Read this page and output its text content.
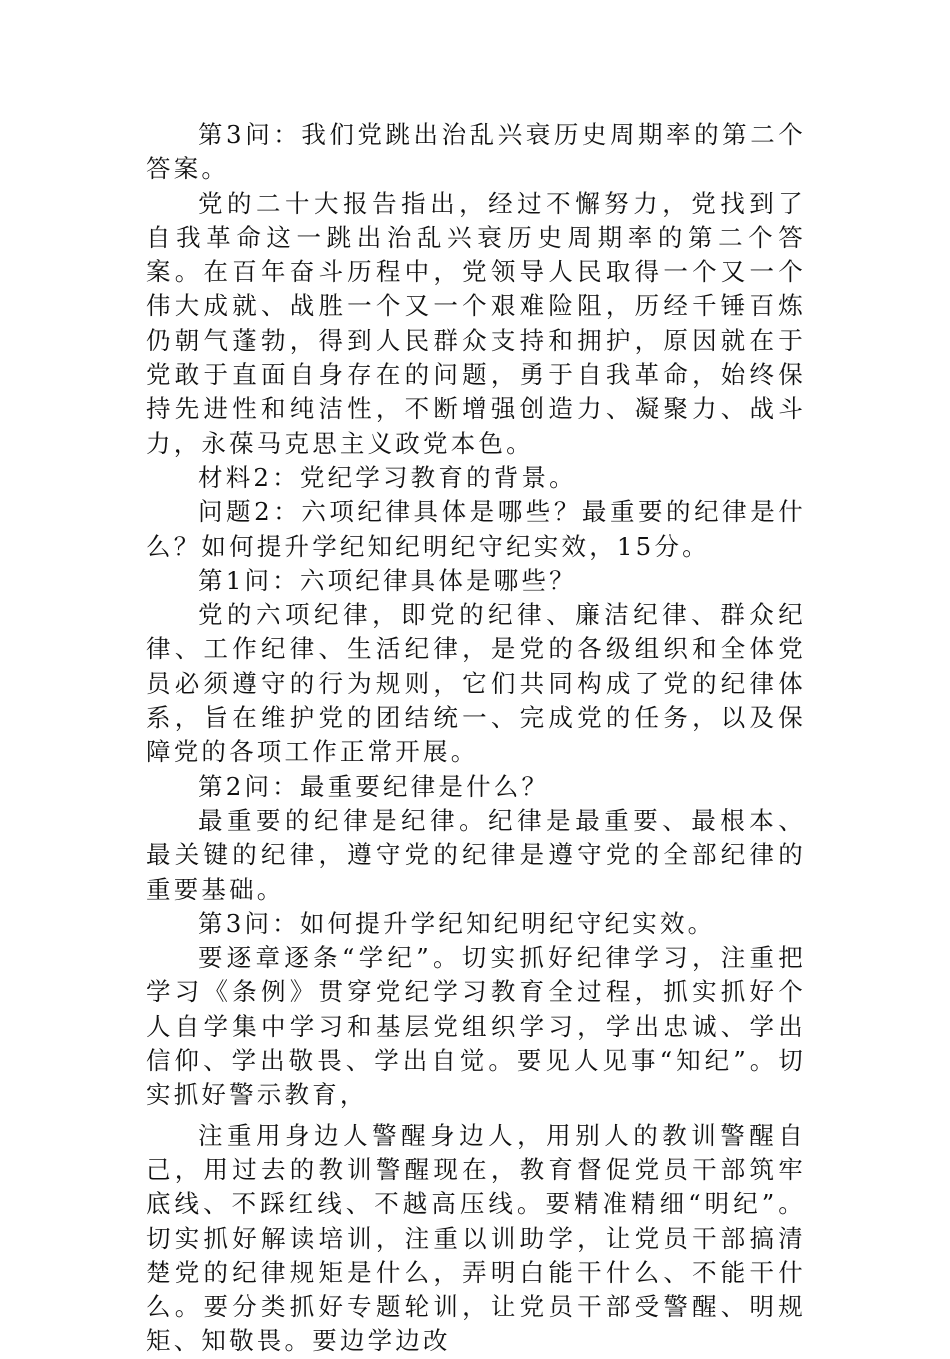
第3问：我们党跳出治乱兴衰历史周期率的第二个答案。

党的二十大报告指出，经过不懈努力，党找到了自我革命这一跳出治乱兴衰历史周期率的第二个答案。在百年奋斗历程中，党领导人民取得一个又一个伟大成就、战胜一个又一个艰难险阻，历经千锤百炼仍朝气蓬勃，得到人民群众支持和拥护，原因就在于党敢于直面自身存在的问题，勇于自我革命，始终保持先进性和纯洁性，不断增强创造力、凝聚力、战斗力，永葆马克思主义政党本色。

材料2：党纪学习教育的背景。

问题2：六项纪律具体是哪些？最重要的纪律是什么？如何提升学纪知纪明纪守纪实效，15分。

第1问：六项纪律具体是哪些？

党的六项纪律，即党的纪律、廉洁纪律、群众纪律、工作纪律、生活纪律，是党的各级组织和全体党员必须遵守的行为规则，它们共同构成了党的纪律体系，旨在维护党的团结统一、完成党的任务，以及保障党的各项工作正常开展。

第2问：最重要纪律是什么？

最重要的纪律是纪律。纪律是最重要、最根本、最关键的纪律，遵守党的纪律是遵守党的全部纪律的重要基础。

第3问：如何提升学纪知纪明纪守纪实效。

要逐章逐条“学纪”。切实抓好纪律学习，注重把学习《条例》贯穿党纪学习教育全过程，抓实抓好个人自学集中学习和基层党组织学习，学出忠诚、学出信仰、学出敬畏、学出自觉。要见人见事“知纪”。切实抓好警示教育，

注重用身边人警醒身边人，用别人的教训警醒自己，用过去的教训警醒现在，教育督促党员干部筑牢底线、不踩红线、不越高压线。要精准精细“明纪”。切实抓好解读培训，注重以训助学，让党员干部搞清楚党的纪律规矩是什么，弄明白能干什么、不能干什么。要分类抓好专题轮训，让党员干部受警醒、明规矩、知敬畏。要边学边改
